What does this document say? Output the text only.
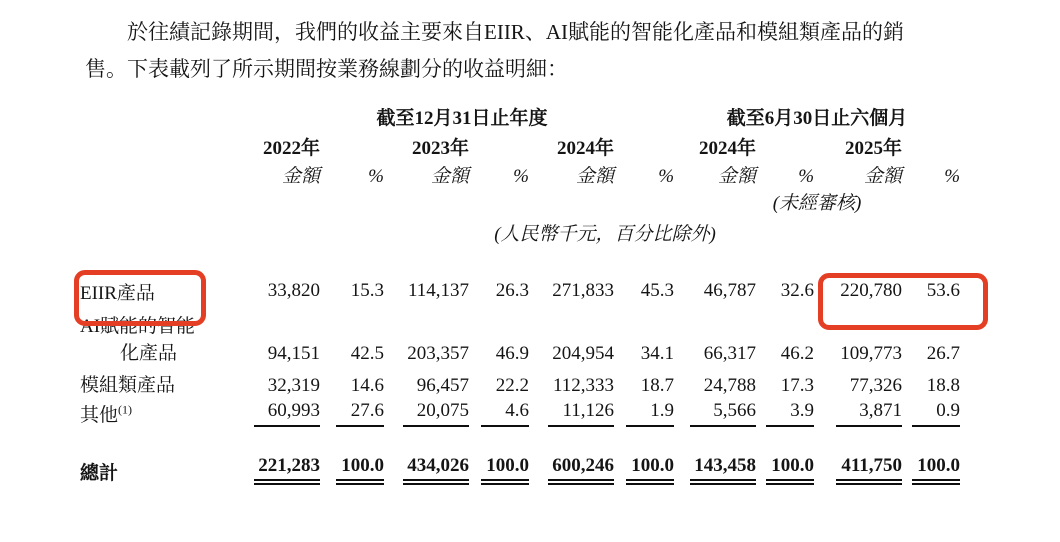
於往績記錄期間，我們的收益主要來自EIIR、AI賦能的智能化產品和模組類產品的銷
售。下表載列了所示期間按業務線劃分的收益明細：
	截至12月31日止年度						截至6月30日止六個月			
	2022年		2023年		2024年		2024年		2025年	
	金額	%	金額	%	金額	%	金額	%	金額	%
							(未經審核)			
	(人民幣千元，百分比除外)									

EIIR產品	33,820	15.3	114,137	26.3	271,833	45.3	46,787	32.6	220,780	53.6

AI賦能的智能
化產品	94,151	42.5	203,357	46.9	204,954	34.1	66,317	46.2	109,773	26.7
模組類產品	32,319	14.6	96,457	22.2	112,333	18.7	24,788	17.3	77,326	18.8
其他$^{(1)}$	60,993	27.6	20,075	4.6	11,126	1.9	5,566	3.9	3,871	0.9

總計	221,283	100.0	434,026	100.0	600,246	100.0	143,458	100.0	411,750	100.0
